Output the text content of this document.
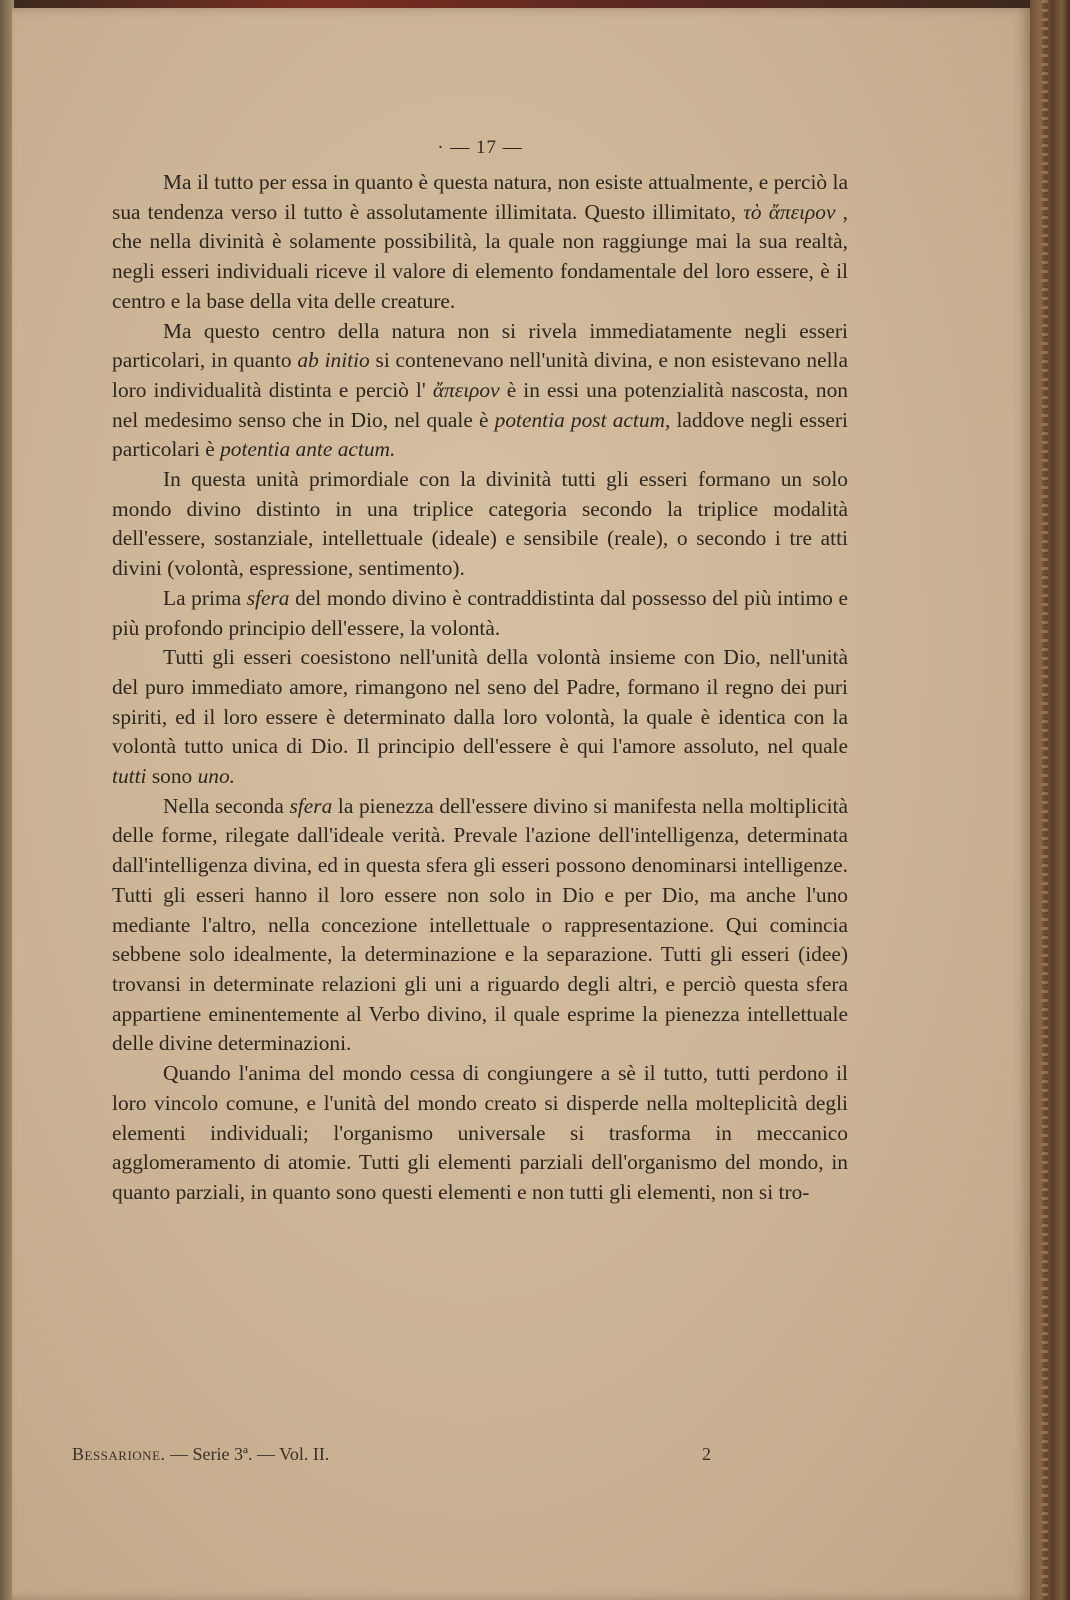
· — 17 —

Ma il tutto per essa in quanto è questa natura, non esiste attualmente, e perciò la sua tendenza verso il tutto è assolutamente illimitata. Questo illimitato, τὸ ἄπειρον , che nella divinità è solamente possibilità, la quale non raggiunge mai la sua realtà, negli esseri individuali riceve il valore di elemento fondamentale del loro essere, è il centro e la base della vita delle creature.

Ma questo centro della natura non si rivela immediatamente negli esseri particolari, in quanto ab initio si contenevano nell'unità divina, e non esistevano nella loro individualità distinta e perciò l' ἄπειρον è in essi una potenzialità nascosta, non nel medesimo senso che in Dio, nel quale è potentia post actum, laddove negli esseri particolari è potentia ante actum.

In questa unità primordiale con la divinità tutti gli esseri formano un solo mondo divino distinto in una triplice categoria secondo la triplice modalità dell'essere, sostanziale, intellettuale (ideale) e sensibile (reale), o secondo i tre atti divini (volontà, espressione, sentimento).

La prima sfera del mondo divino è contraddistinta dal possesso del più intimo e più profondo principio dell'essere, la volontà.

Tutti gli esseri coesistono nell'unità della volontà insieme con Dio, nell'unità del puro immediato amore, rimangono nel seno del Padre, formano il regno dei puri spiriti, ed il loro essere è determinato dalla loro volontà, la quale è identica con la volontà tutto unica di Dio. Il principio dell'essere è qui l'amore assoluto, nel quale tutti sono uno.

Nella seconda sfera la pienezza dell'essere divino si manifesta nella moltiplicità delle forme, rilegate dall'ideale verità. Prevale l'azione dell'intelligenza, determinata dall'intelligenza divina, ed in questa sfera gli esseri possono denominarsi intelligenze. Tutti gli esseri hanno il loro essere non solo in Dio e per Dio, ma anche l'uno mediante l'altro, nella concezione intellettuale o rappresentazione. Qui comincia sebbene solo idealmente, la determinazione e la separazione. Tutti gli esseri (idee) trovansi in determinate relazioni gli uni a riguardo degli altri, e perciò questa sfera appartiene eminentemente al Verbo divino, il quale esprime la pienezza intellettuale delle divine determinazioni.

Quando l'anima del mondo cessa di congiungere a sè il tutto, tutti perdono il loro vincolo comune, e l'unità del mondo creato si disperde nella molteplicità degli elementi individuali; l'organismo universale si trasforma in meccanico agglomeramento di atomie. Tutti gli elementi parziali dell'organismo del mondo, in quanto parziali, in quanto sono questi elementi e non tutti gli elementi, non si tro-

Bessarione. — Serie 3ª. — Vol. II.	2
